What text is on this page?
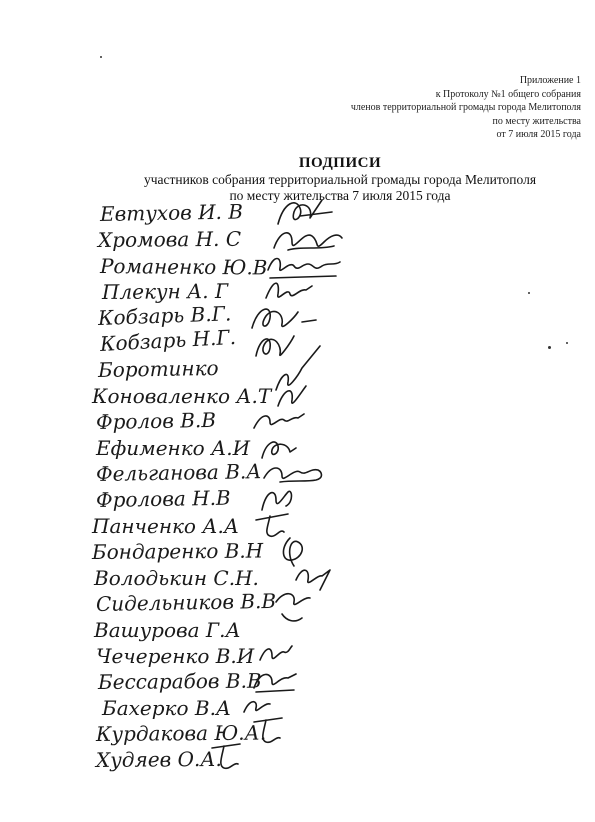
Приложение 1
к Протоколу №1 общего собрания
членов территориальной громады города Мелитополя
по месту жительства
от 7 июля 2015 года
ПОДПИСИ
участников собрания территориальной громады города Мелитополя
по месту жительства 7 июля 2015 года
Евтухов И. В
Хромова Н. С
Романенко Ю.В
Плекун А. Г
Кобзарь В.Г.
Кобзарь Н.Г.
Боротинко
Коноваленко А.Т
Фролов В.В
Ефименко А.И
Фельганова В.А
Фролова Н.В
Панченко А.А
Бондаренко В.Н
Володькин С.Н.
Сидельников В.В
Вашурова Г.А
Чечеренко В.И
Бессарабов В.В
Бахерко В.А
Курдакова Ю.А.
Худяев О.А.
